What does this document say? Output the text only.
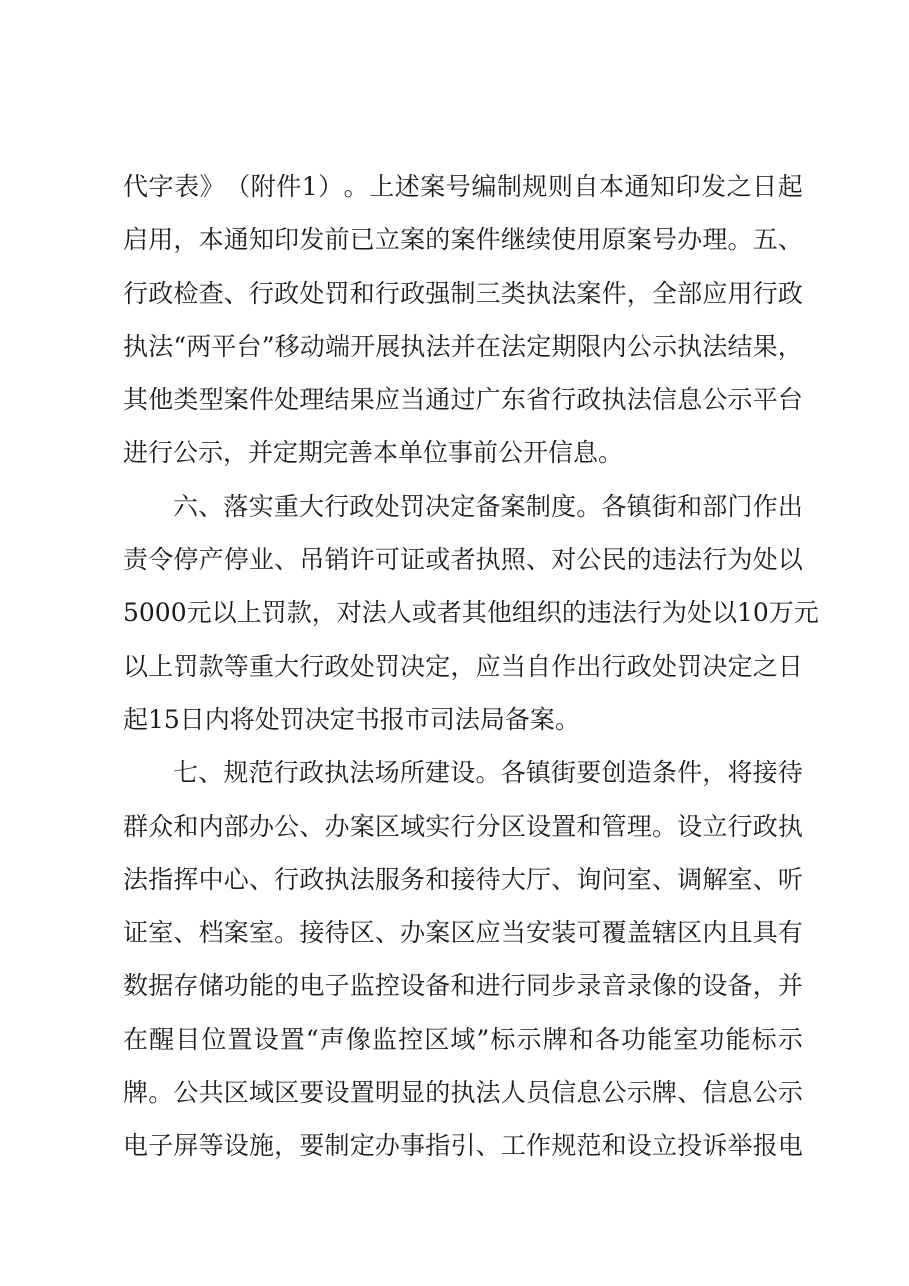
代 字 表 》 （ 附 件 1 ） 。 上 述 案 号 编 制 规 则 自 本 通 知 印 发 之 日 起
启 用 ， 本 通 知 印 发 前 已 立 案 的 案 件 继 续 使 用 原 案 号 办 理 。 五 、
行 政 检 查 、 行 政 处 罚 和 行 政 强 制 三 类 执 法 案 件 ， 全 部 应 用 行 政
执 法 “ 两 平 台 ” 移 动 端 开 展 执 法 并 在 法 定 期 限 内 公 示 执 法 结 果 ，
其 他 类 型 案 件 处 理 结 果 应 当 通 过 广 东 省 行 政 执 法 信 息 公 示 平 台
进行公示，并定期完善本单位事前公开信息。
六 、 落 实 重 大 行 政 处 罚 决 定 备 案 制 度 。 各 镇 街 和 部 门 作 出
责 令 停 产 停 业 、 吊 销 许 可 证 或 者 执 照 、 对 公 民 的 违 法 行 为 处 以
5000 元 以 上 罚 款 ， 对 法 人 或 者 其 他 组 织 的 违 法 行 为 处 以 10 万 元
以 上 罚 款 等 重 大 行 政 处 罚 决 定 ， 应 当 自 作 出 行 政 处 罚 决 定 之 日
起15日内将处罚决定书报市司法局备案。
七 、 规 范 行 政 执 法 场 所 建 设 。 各 镇 街 要 创 造 条 件 ， 将 接 待
群 众 和 内 部 办 公 、 办 案 区 域 实 行 分 区 设 置 和 管 理 。 设 立 行 政 执
法 指 挥 中 心 、 行 政 执 法 服 务 和 接 待 大 厅 、 询 问 室 、 调 解 室 、 听
证 室 、 档 案 室 。 接 待 区 、 办 案 区 应 当 安 装 可 覆 盖 辖 区 内 且 具 有
数 据 存 储 功 能 的 电 子 监 控 设 备 和 进 行 同 步 录 音 录 像 的 设 备 ， 并
在 醒 目 位 置 设 置 “ 声 像 监 控 区 域 ” 标 示 牌 和 各 功 能 室 功 能 标 示
牌 。 公 共 区 域 区 要 设 置 明 显 的 执 法 人 员 信 息 公 示 牌 、 信 息 公 示
电 子 屏 等 设 施 ， 要 制 定 办 事 指 引 、 工 作 规 范 和 设 立 投 诉 举 报 电
